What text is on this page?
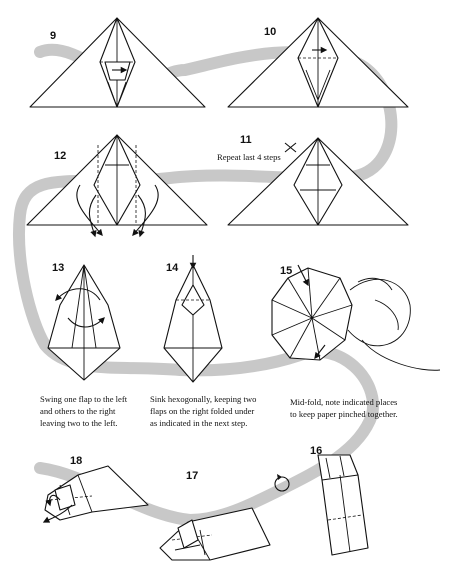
9	10
11
Repeat last 4 steps
12
13	14	15
Swing one flap to the left
and others to the right
leaving two to the left.
Sink hexogonally, keeping two
flaps on the right folded under
as indicated in the next step.
Mid-fold, note indicated places
to keep paper pinched together.
18
17
16
